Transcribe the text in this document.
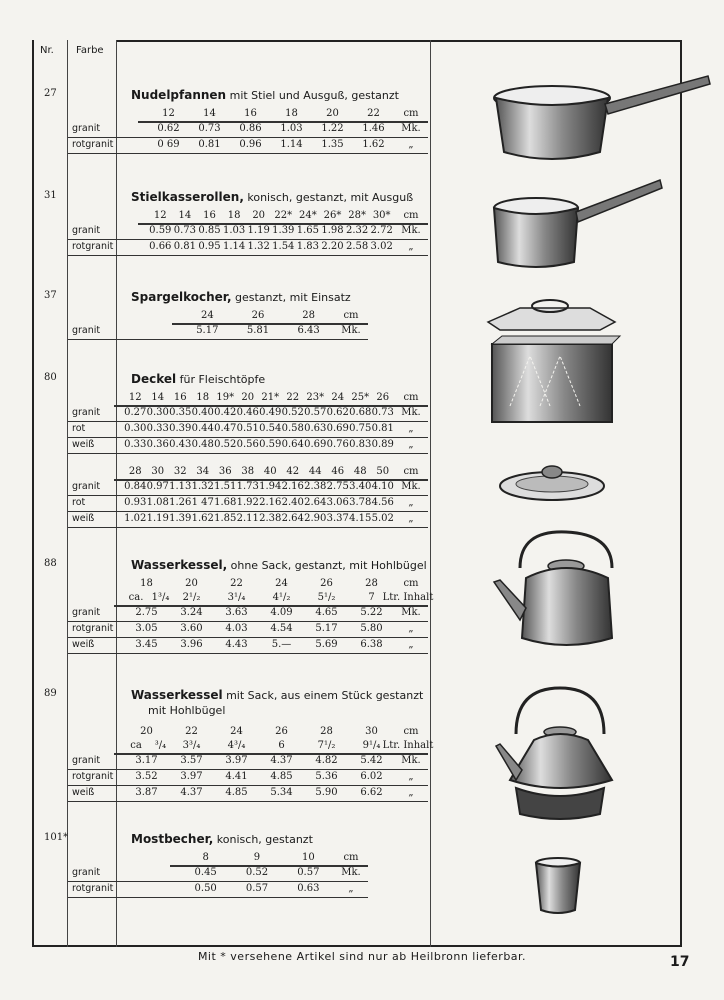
Nr. Farbe
27	Nudelpfannen mit Stiel und Ausguß, gestanzt
12	14	16	18	20	22	cm
granit	0.62	0.73	0.86	1.03	1.22	1.46	Mk.
rotgranit	0 69	0.81	0.96	1.14	1.35	1.62	„
31	Stielkasserollen, konisch, gestanzt, mit Ausguß
12	14	16	18	20 22* 24* 26* 28* 30*	cm
granit	0.59 0.73 0.85 1.03 1.19 1.39 1.65 1.98 2.32 2.72 Mk.
rotgranit	0.66 0.81 0.95 1.14 1.32 1.54 1.83 2.20 2.58 3.02	„
37	Spargelkocher, gestanzt, mit Einsatz
24	26	28	cm
granit	5.17	5.81	6.43	Mk.
80	Deckel für Fleischtöpfe
12 14 16 18 19* 20 21* 22 23* 24 25* 26	cm
granit 0.27 0.30 0.35 0.40 0.42 0.46 0.49 0.52 0.57 0.62 0.68 0.73 Mk.
rot	0.30 0.33 0.39 0.44 0.47 0.51 0.54 0.58 0.63 0.69 0.75 0.81	„
weiß	0.33 0.36 0.43 0.48 0.52 0.56 0.59 0.64 0.69 0.76 0.83 0.89	„
28 30 32 34 36 38 40 42 44 46 48 50	cm
granit 0.84 0.97 1.13 1.32 1.51 1.73 1.94 2.16 2.38 2.75 3.40 4.10 Mk.
rot	0.93 1.08 1.26 1 47 1.68 1.92 2.16 2.40 2.64 3.06 3.78 4.56	„
weiß	1.02 1.19 1.39 1.62 1.85 2.11 2.38 2.64 2.90 3.37 4.15 5.02	„
88	Wasserkessel, ohne Sack, gestanzt, mit Hohlbügel
18	20	22	24	26	28	cm
ca. 1³/₄	2¹/₂	3¹/₄	4¹/₂	5¹/₂	7 Ltr. Inhalt
granit	2.75	3.24	3.63	4.09	4.65	5.22	Mk.
rotgranit	3.05	3.60	4.03	4.54	5.17	5.80	„
weiß	3.45	3.96	4.43	5.—	5.69	6.38	„
89	Wasserkessel mit Sack, aus einem Stück gestanzt
mit Hohlbügel
20	22	24	26	28	30	cm
ca	³/₄	3³/₄	4³/₄	6	7¹/₂	9¹/₄ Ltr. Inhalt
granit	3.17	3.57	3.97	4.37	4.82	5.42	Mk.
rotgranit	3.52	3.97	4.41	4.85	5.36	6.02	„
weiß	3.87	4.37	4.85	5.34	5.90	6.62	„
101*	Mostbecher, konisch, gestanzt
8	9	10	cm
granit	0.45	0.52	0.57	Mk.
rotgranit	0.50	0.57	0.63	„
Mit * versehene Artikel sind nur ab Heilbronn lieferbar.	17
